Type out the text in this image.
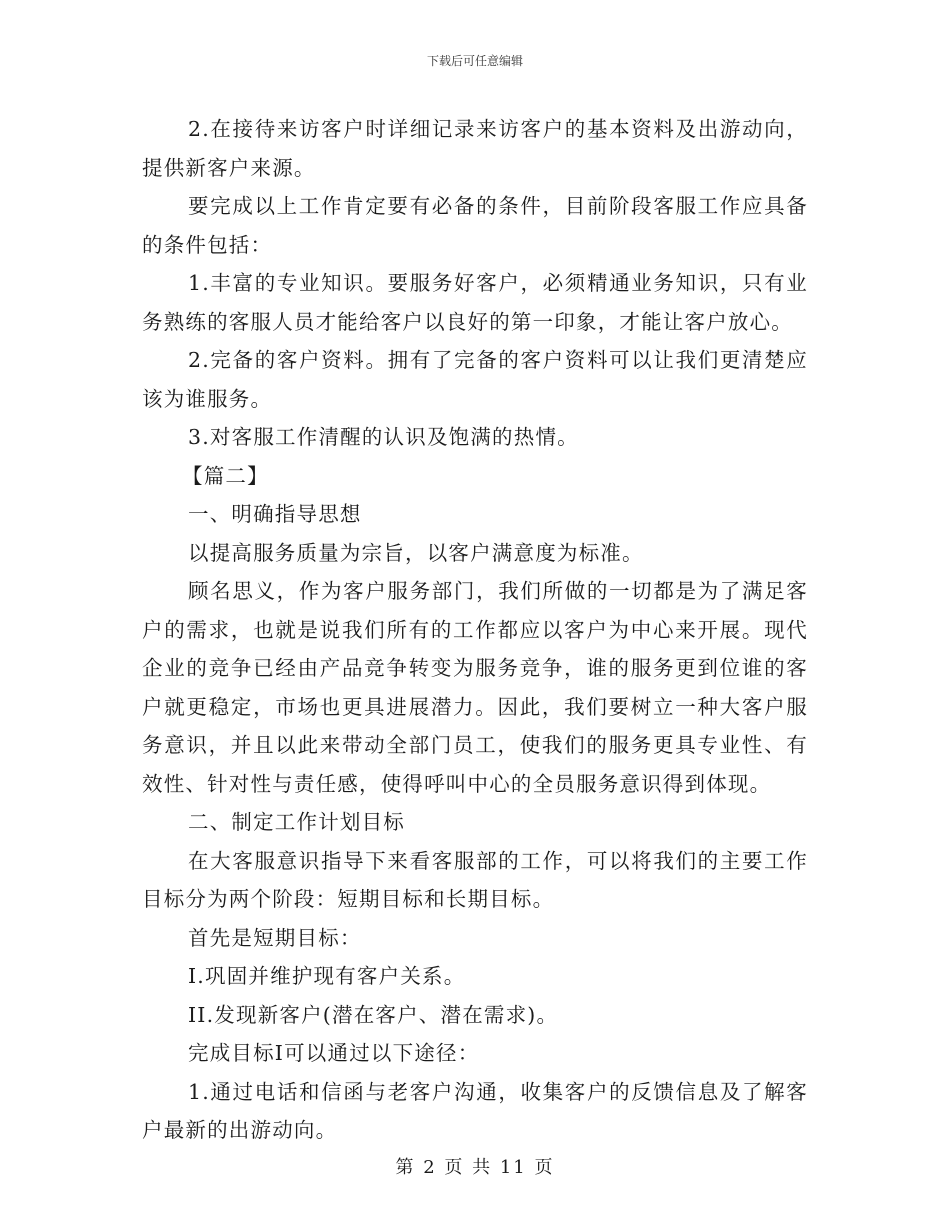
下载后可任意编辑

2.在接待来访客户时详细记录来访客户的基本资料及出游动向，提供新客户来源。

要完成以上工作肯定要有必备的条件，目前阶段客服工作应具备的条件包括：

1.丰富的专业知识。要服务好客户，必须精通业务知识，只有业务熟练的客服人员才能给客户以良好的第一印象，才能让客户放心。

2.完备的客户资料。拥有了完备的客户资料可以让我们更清楚应该为谁服务。

3.对客服工作清醒的认识及饱满的热情。

【篇二】

一、明确指导思想

以提高服务质量为宗旨，以客户满意度为标准。

顾名思义，作为客户服务部门，我们所做的一切都是为了满足客户的需求，也就是说我们所有的工作都应以客户为中心来开展。现代企业的竞争已经由产品竞争转变为服务竞争，谁的服务更到位谁的客户就更稳定，市场也更具进展潜力。因此，我们要树立一种大客户服务意识，并且以此来带动全部门员工，使我们的服务更具专业性、有效性、针对性与责任感，使得呼叫中心的全员服务意识得到体现。

二、制定工作计划目标

在大客服意识指导下来看客服部的工作，可以将我们的主要工作目标分为两个阶段：短期目标和长期目标。

首先是短期目标：

I.巩固并维护现有客户关系。

II.发现新客户(潜在客户、潜在需求)。

完成目标I可以通过以下途径：

1.通过电话和信函与老客户沟通，收集客户的反馈信息及了解客户最新的出游动向。

第 2 页 共 11 页
